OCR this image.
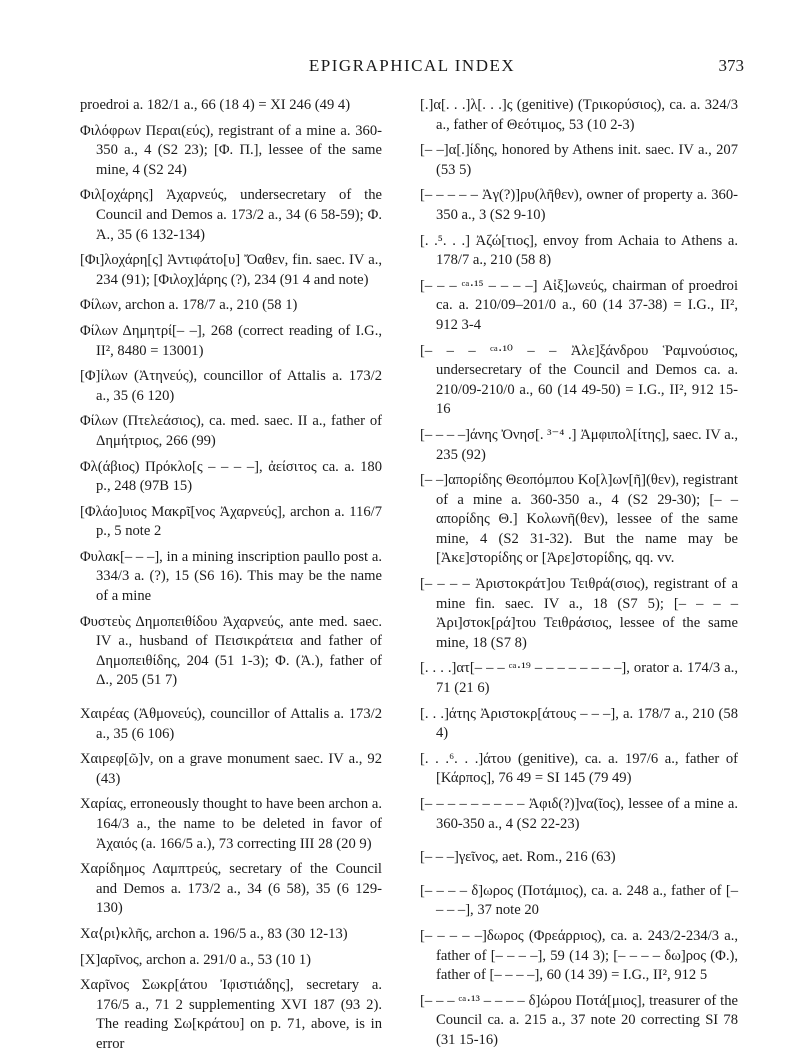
EPIGRAPHICAL INDEX	373

proedroi a. 182/1 a., 66 (18 4) = XI 246 (49 4)

Φιλόφρων Περαι(εύς), registrant of a mine a. 360-350 a., 4 (S2 23); [Φ. Π.], lessee of the same mine, 4 (S2 24)

Φιλ[οχάρης] Ἀχαρνεύς, undersecretary of the Council and Demos a. 173/2 a., 34 (6 58-59); Φ. Ἀ., 35 (6 132-134)

[Φι]λοχάρη[ς] Ἀντιφάτο[υ] Ὄαθεν, fin. saec. IV a., 234 (91); [Φιλοχ]άρης (?), 234 (91 4 and note)

Φίλων, archon a. 178/7 a., 210 (58 1)

Φίλων Δημητρί[– –], 268 (correct reading of I.G., II², 8480 = 13001)

[Φ]ίλων (Ἀτηνεύς), councillor of Attalis a. 173/2 a., 35 (6 120)

Φίλων (Πτελεάσιος), ca. med. saec. II a., father of Δημήτριος, 266 (99)

Φλ(άβιος) Πρόκλο[ς – – – –], ἀείσιτος ca. a. 180 p., 248 (97B 15)

[Φλάο]υιος Μακρῖ[νος Ἀχαρνεύς], archon a. 116/7 p., 5 note 2

Φυλακ[– – –], in a mining inscription paullo post a. 334/3 a. (?), 15 (S6 16). This may be the name of a mine

Φυστεὺς Δημοπειθίδου Ἀχαρνεύς, ante med. saec. IV a., husband of Πεισικράτεια and father of Δημοπειθίδης, 204 (51 1-3); Φ. (Ἀ.), father of Δ., 205 (51 7)

Χαιρέας (Ἀθμονεύς), councillor of Attalis a. 173/2 a., 35 (6 106)

Χαιρεφ[ῶ]ν, on a grave monument saec. IV a., 92 (43)

Χαρίας, erroneously thought to have been archon a. 164/3 a., the name to be deleted in favor of Ἀχαιός (a. 166/5 a.), 73 correcting III 28 (20 9)

Χαρίδημος Λαμπτρεύς, secretary of the Council and Demos a. 173/2 a., 34 (6 58), 35 (6 129-130)

Χα⟨ρι⟩κλῆς, archon a. 196/5 a., 83 (30 12-13)

[Χ]αρῖνος, archon a. 291/0 a., 53 (10 1)

Χαρῖνος Σωκρ[άτου Ἰφιστιάδης], secretary a. 176/5 a., 71 2 supplementing XVI 187 (93 2). The reading Σω[κράτου] on p. 71, above, is in error

[.]α[. . .]λ[. . .]ς (genitive) (Τρικορύσιος), ca. a. 324/3 a., father of Θεότιμος, 53 (10 2-3)

[– –]α[.]ίδης, honored by Athens init. saec. IV a., 207 (53 5)

[– – – – – Ἀγ(?)]ρυ(λῆθεν), owner of property a. 360-350 a., 3 (S2 9-10)

[. .⁵. . .] Ἀζώ[τιος], envoy from Achaia to Athens a. 178/7 a., 210 (58 8)

[– – – ᶜᵃ·¹⁵ – – – –] Αἰξ]ωνεύς, chairman of proedroi ca. a. 210/09–201/0 a., 60 (14 37-38) = I.G., II², 912 3-4

[– – – ᶜᵃ·¹⁰ – – Ἀλε]ξάνδρου Ῥαμνούσιος, undersecretary of the Council and Demos ca. a. 210/09-210/0 a., 60 (14 49-50) = I.G., II², 912 15-16

[– – – –]άνης Ὀνησ[. ³⁻⁴ .] Ἀμφιπολ[ίτης], saec. IV a., 235 (92)

[– –]απορίδης Θεοπόμπου Κο[λ]ων[ῆ](θεν), registrant of a mine a. 360-350 a., 4 (S2 29-30); [– – απορίδης Θ.] Κολωνῆ(θεν), lessee of the same mine, 4 (S2 31-32). But the name may be [Ἀκε]στορίδης or [Ἀρε]στορίδης, qq. vv.

[– – – – Ἀριστοκράτ]ου Τειθρά(σιος), registrant of a mine fin. saec. IV a., 18 (S7 5); [– – – – Ἀρι]στοκ[ρά]του Τειθράσιος, lessee of the same mine, 18 (S7 8)

[. . . .]ατ[– – – ᶜᵃ·¹⁹ – – – – – – – –], orator a. 174/3 a., 71 (21 6)

[. . .]άτης Ἀριστοκρ[άτους – – –], a. 178/7 a., 210 (58 4)

[. . .⁶. . .]άτου (genitive), ca. a. 197/6 a., father of [Κάρπος], 76 49 = SI 145 (79 49)

[– – – – – – – – – Ἀφιδ(?)]να(ῖος), lessee of a mine a. 360-350 a., 4 (S2 22-23)

[– – –]γεῖνος, aet. Rom., 216 (63)

[– – – – δ]ωρος (Ποτάμιος), ca. a. 248 a., father of [– – – –], 37 note 20

[– – – – –]δωρος (Φρεάρριος), ca. a. 243/2-234/3 a., father of [– – – –], 59 (14 3); [– – – – δω]ρος (Φ.), father of [– – – –], 60 (14 39) = I.G., II², 912 5

[– – – ᶜᵃ·¹³ – – – – δ]ώρου Ποτά[μιος], treasurer of the Council ca. a. 215 a., 37 note 20 correcting SI 78 (31 15-16)
